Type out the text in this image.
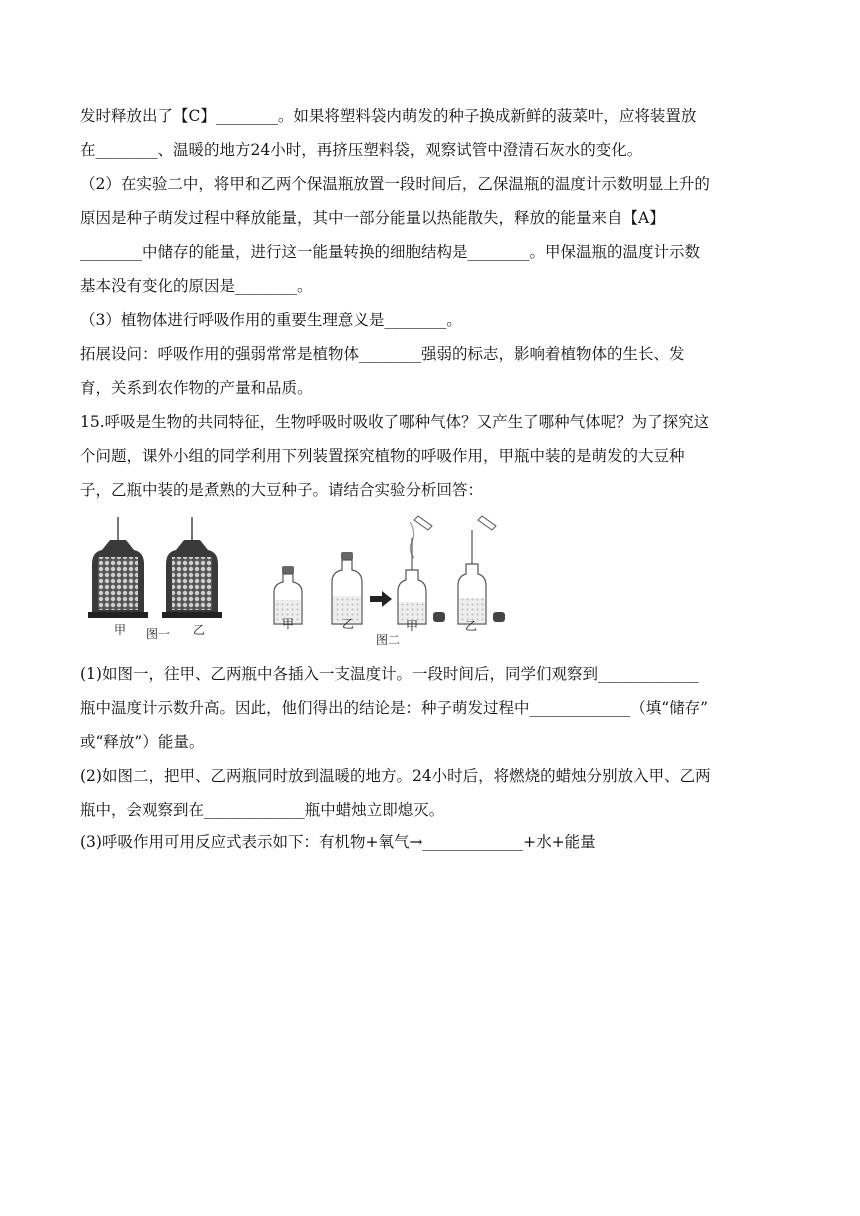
发时释放出了【C】________。如果将塑料袋内萌发的种子换成新鲜的菠菜叶，应将装置放
在________、温暖的地方24小时，再挤压塑料袋，观察试管中澄清石灰水的变化。
（2）在实验二中，将甲和乙两个保温瓶放置一段时间后，乙保温瓶的温度计示数明显上升的
原因是种子萌发过程中释放能量，其中一部分能量以热能散失，释放的能量来自【A】
________中储存的能量，进行这一能量转换的细胞结构是________。甲保温瓶的温度计示数
基本没有变化的原因是________。
（3）植物体进行呼吸作用的重要生理意义是________。
拓展设问：呼吸作用的强弱常常是植物体________强弱的标志，影响着植物体的生长、发
育，关系到农作物的产量和品质。
15.呼吸是生物的共同特征，生物呼吸时吸收了哪种气体？又产生了哪种气体呢？为了探究这
个问题，课外小组的同学利用下列装置探究植物的呼吸作用，甲瓶中装的是萌发的大豆种
子，乙瓶中装的是煮熟的大豆种子。请结合实验分析回答：
甲 图一 乙	甲	乙	甲	乙
图二
(1)如图一，往甲、乙两瓶中各插入一支温度计。一段时间后，同学们观察到_____________
瓶中温度计示数升高。因此，他们得出的结论是：种子萌发过程中_____________（填“储存”
或“释放”）能量。
(2)如图二，把甲、乙两瓶同时放到温暖的地方。24小时后，将燃烧的蜡烛分别放入甲、乙两
瓶中，会观察到在_____________瓶中蜡烛立即熄灭。
(3)呼吸作用可用反应式表示如下：有机物+氧气→_____________+水+能量
